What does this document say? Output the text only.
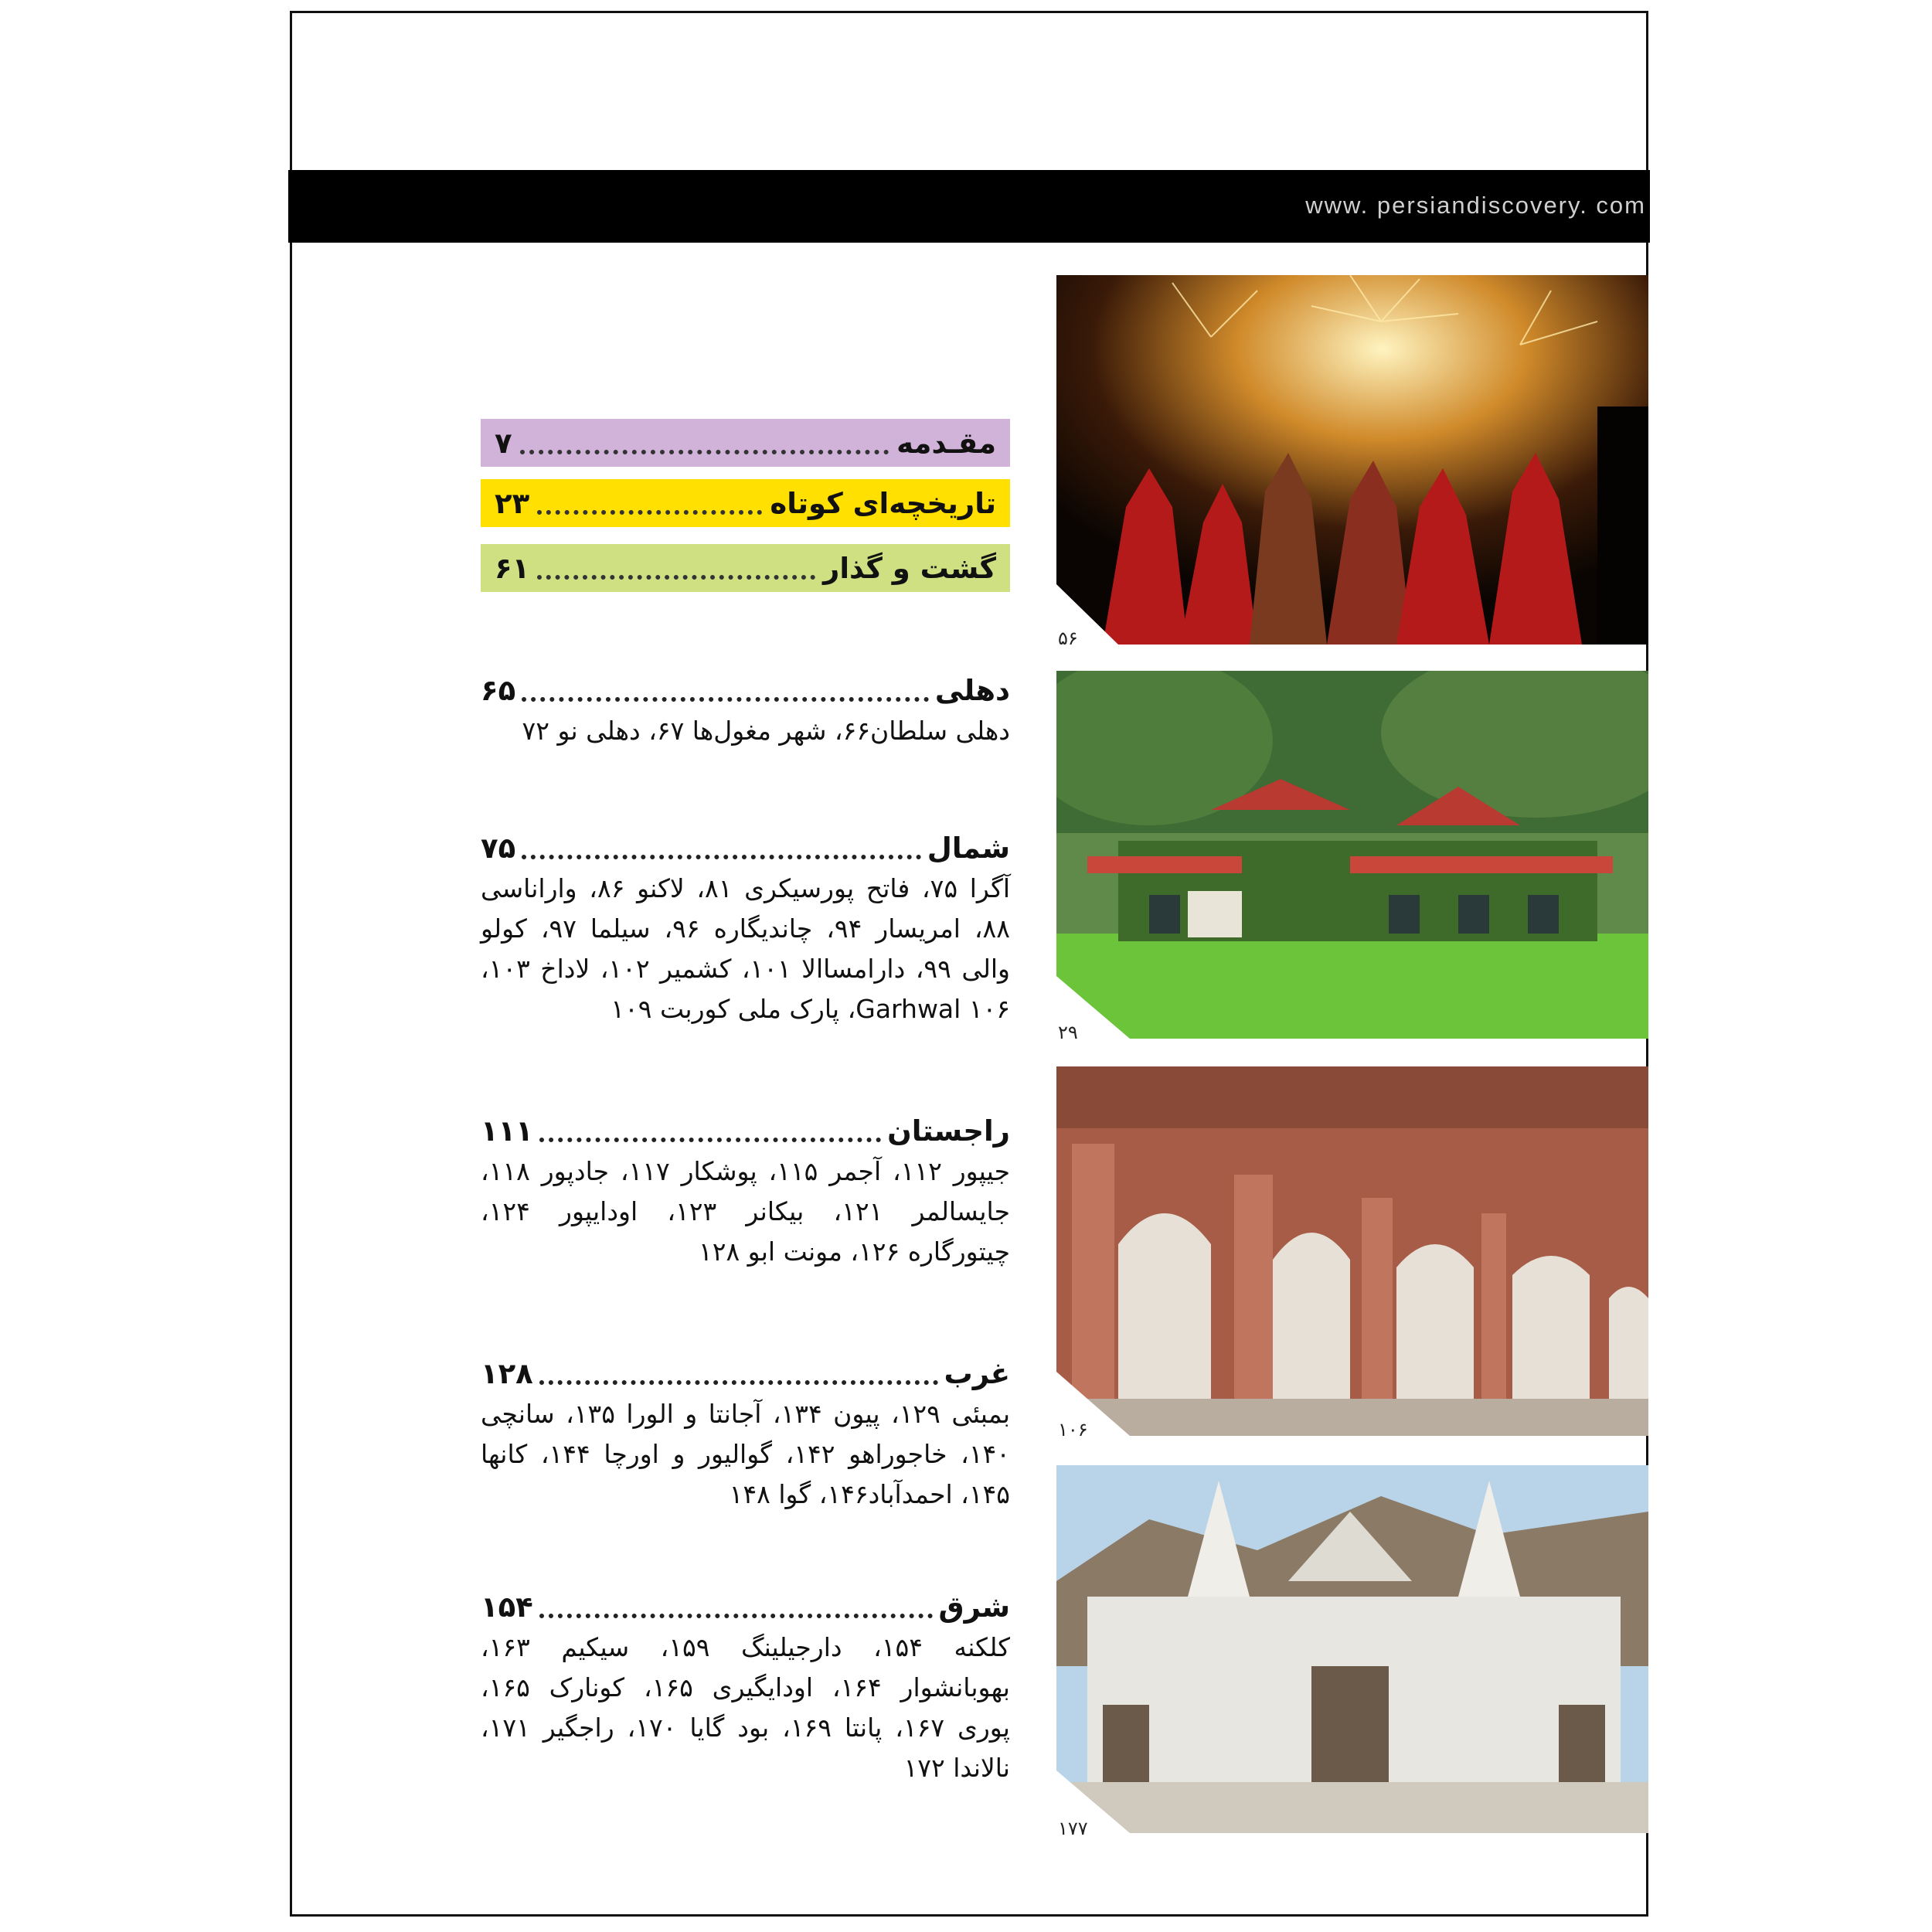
www. persiandiscovery. com
مقـدمه
۷
تاریخچه‌ای کوتاه
۲۳
گشت و گذار
۶۱
دهلی
۶۵
دهلی سلطان۶۶، شهر مغول‌ها ۶۷، دهلی نو ۷۲
شمال
۷۵
آگرا ۷۵، فاتح پورسیکری ۸۱، لاکنو ۸۶، واراناسی ۸۸، امریسار ۹۴، چاندیگاره ۹۶، سیلما ۹۷، کولو والی ۹۹، دارامساالا ۱۰۱، کشمیر ۱۰۲، لاداخ ۱۰۳، Garhwal ۱۰۶، پارک ملی کوربت ۱۰۹
راجستان
۱۱۱
جیپور ۱۱۲، آجمر ۱۱۵، پوشکار ۱۱۷، جادپور ۱۱۸، جایسالمر ۱۲۱، بیکانر ۱۲۳، اودایپور ۱۲۴، چیتورگاره ۱۲۶، مونت ابو ۱۲۸
غرب
۱۲۸
بمبئی ۱۲۹، پیون ۱۳۴، آجانتا و الورا ۱۳۵، سانچی ۱۴۰، خاجوراهو ۱۴۲، گوالیور و اورچا ۱۴۴، کانها ۱۴۵، احمدآباد۱۴۶، گوا ۱۴۸
شرق
۱۵۴
کلکنه ۱۵۴، دارجیلینگ ۱۵۹، سیکیم ۱۶۳، بهوبانشوار ۱۶۴، اودایگیری ۱۶۵، کونارک ۱۶۵، پوری ۱۶۷، پانتا ۱۶۹، بود گایا ۱۷۰، راجگیر ۱۷۱، نالاندا ۱۷۲
۵۶
۲۹
۱۰۶
۱۷۷
